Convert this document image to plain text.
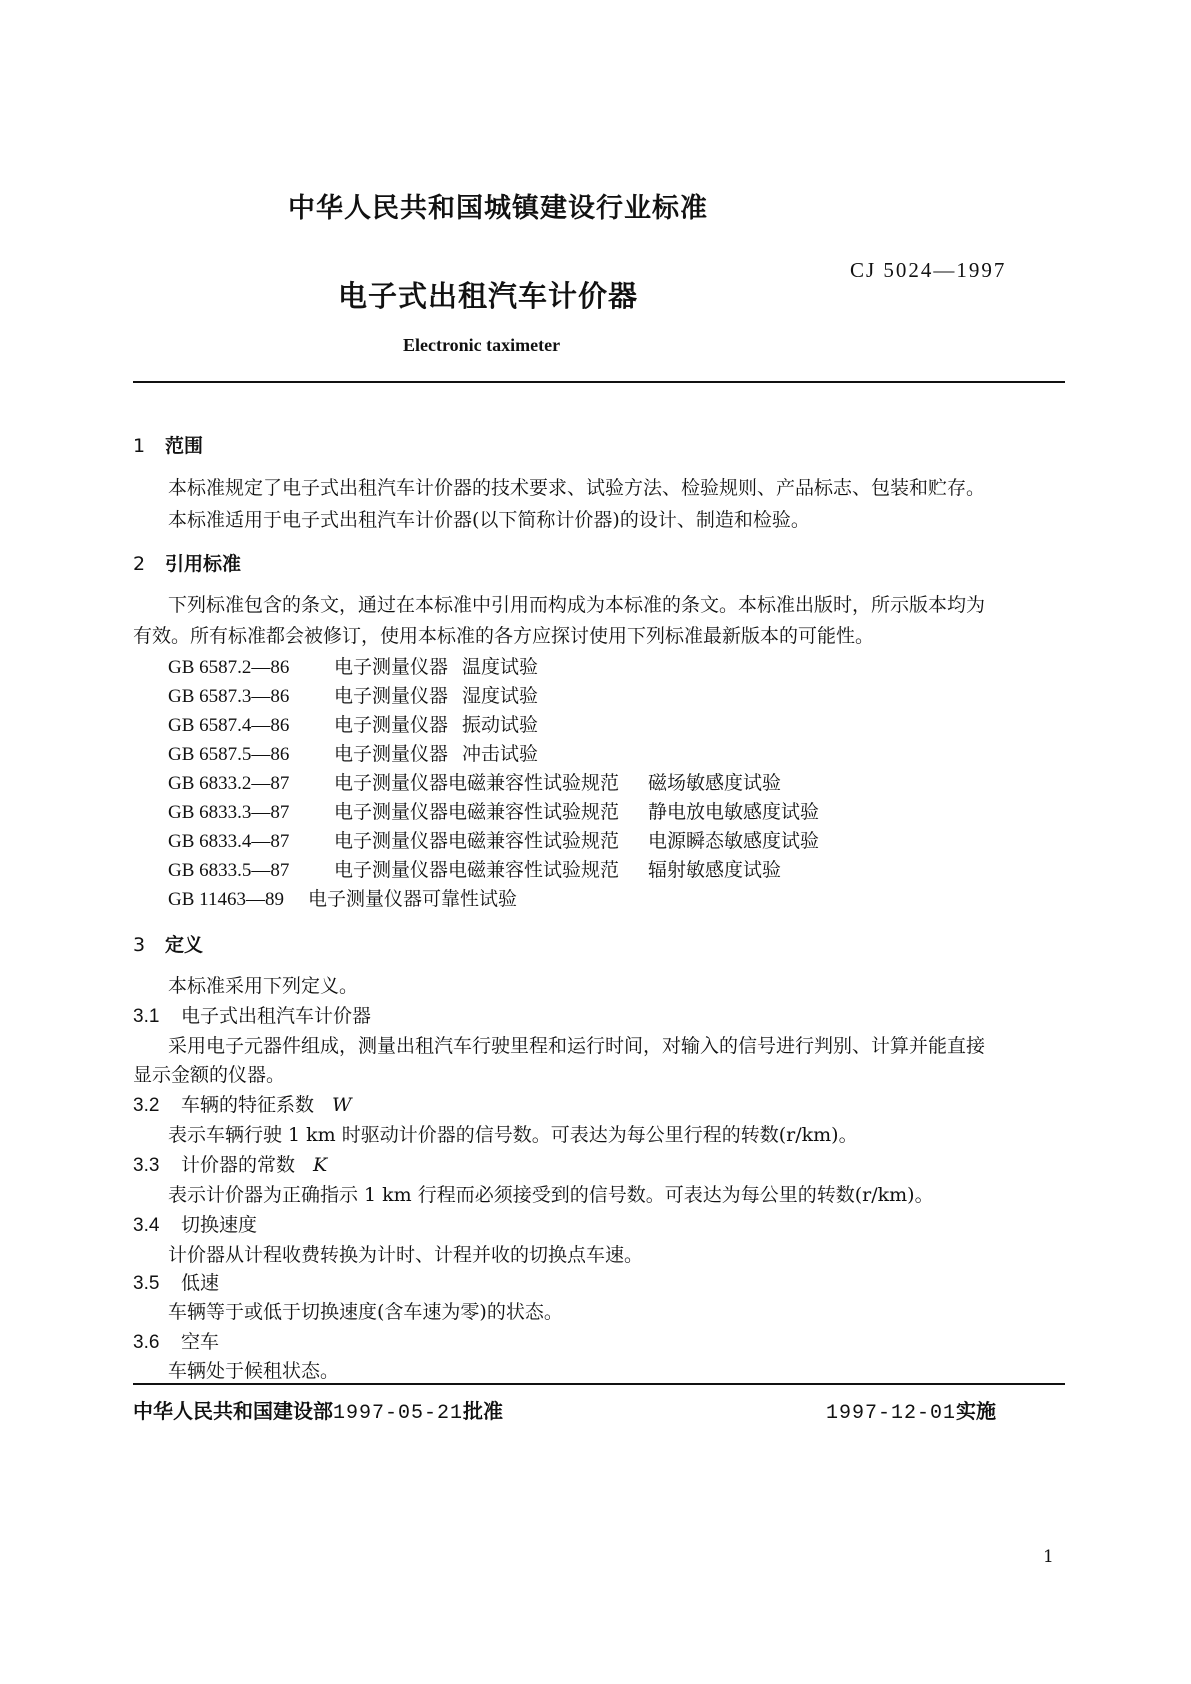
中华人民共和国城镇建设行业标准
CJ 5024—1997
电子式出租汽车计价器
Electronic taximeter
1 范围
本标准规定了电子式出租汽车计价器的技术要求、试验方法、检验规则、产品标志、包装和贮存。
本标准适用于电子式出租汽车计价器(以下简称计价器)的设计、制造和检验。
2 引用标准
下列标准包含的条文，通过在本标准中引用而构成为本标准的条文。本标准出版时，所示版本均为
有效。所有标准都会被修订，使用本标准的各方应探讨使用下列标准最新版本的可能性。
GB 6587.2—86 电子测量仪器 温度试验
GB 6587.3—86 电子测量仪器 湿度试验
GB 6587.4—86 电子测量仪器 振动试验
GB 6587.5—86 电子测量仪器 冲击试验
GB 6833.2—87 电子测量仪器电磁兼容性试验规范 磁场敏感度试验
GB 6833.3—87 电子测量仪器电磁兼容性试验规范 静电放电敏感度试验
GB 6833.4—87 电子测量仪器电磁兼容性试验规范 电源瞬态敏感度试验
GB 6833.5—87 电子测量仪器电磁兼容性试验规范 辐射敏感度试验
GB 11463—89 电子测量仪器可靠性试验
3 定义
本标准采用下列定义。
3.1 电子式出租汽车计价器
采用电子元器件组成，测量出租汽车行驶里程和运行时间，对输入的信号进行判别、计算并能直接
显示金额的仪器。
3.2 车辆的特征系数 W
表示车辆行驶 1 km 时驱动计价器的信号数。可表达为每公里行程的转数(r/km)。
3.3 计价器的常数 K
表示计价器为正确指示 1 km 行程而必须接受到的信号数。可表达为每公里的转数(r/km)。
3.4 切换速度
计价器从计程收费转换为计时、计程并收的切换点车速。
3.5 低速
车辆等于或低于切换速度(含车速为零)的状态。
3.6 空车
车辆处于候租状态。
中华人民共和国建设部1997-05-21批准	1997-12-01实施
1
